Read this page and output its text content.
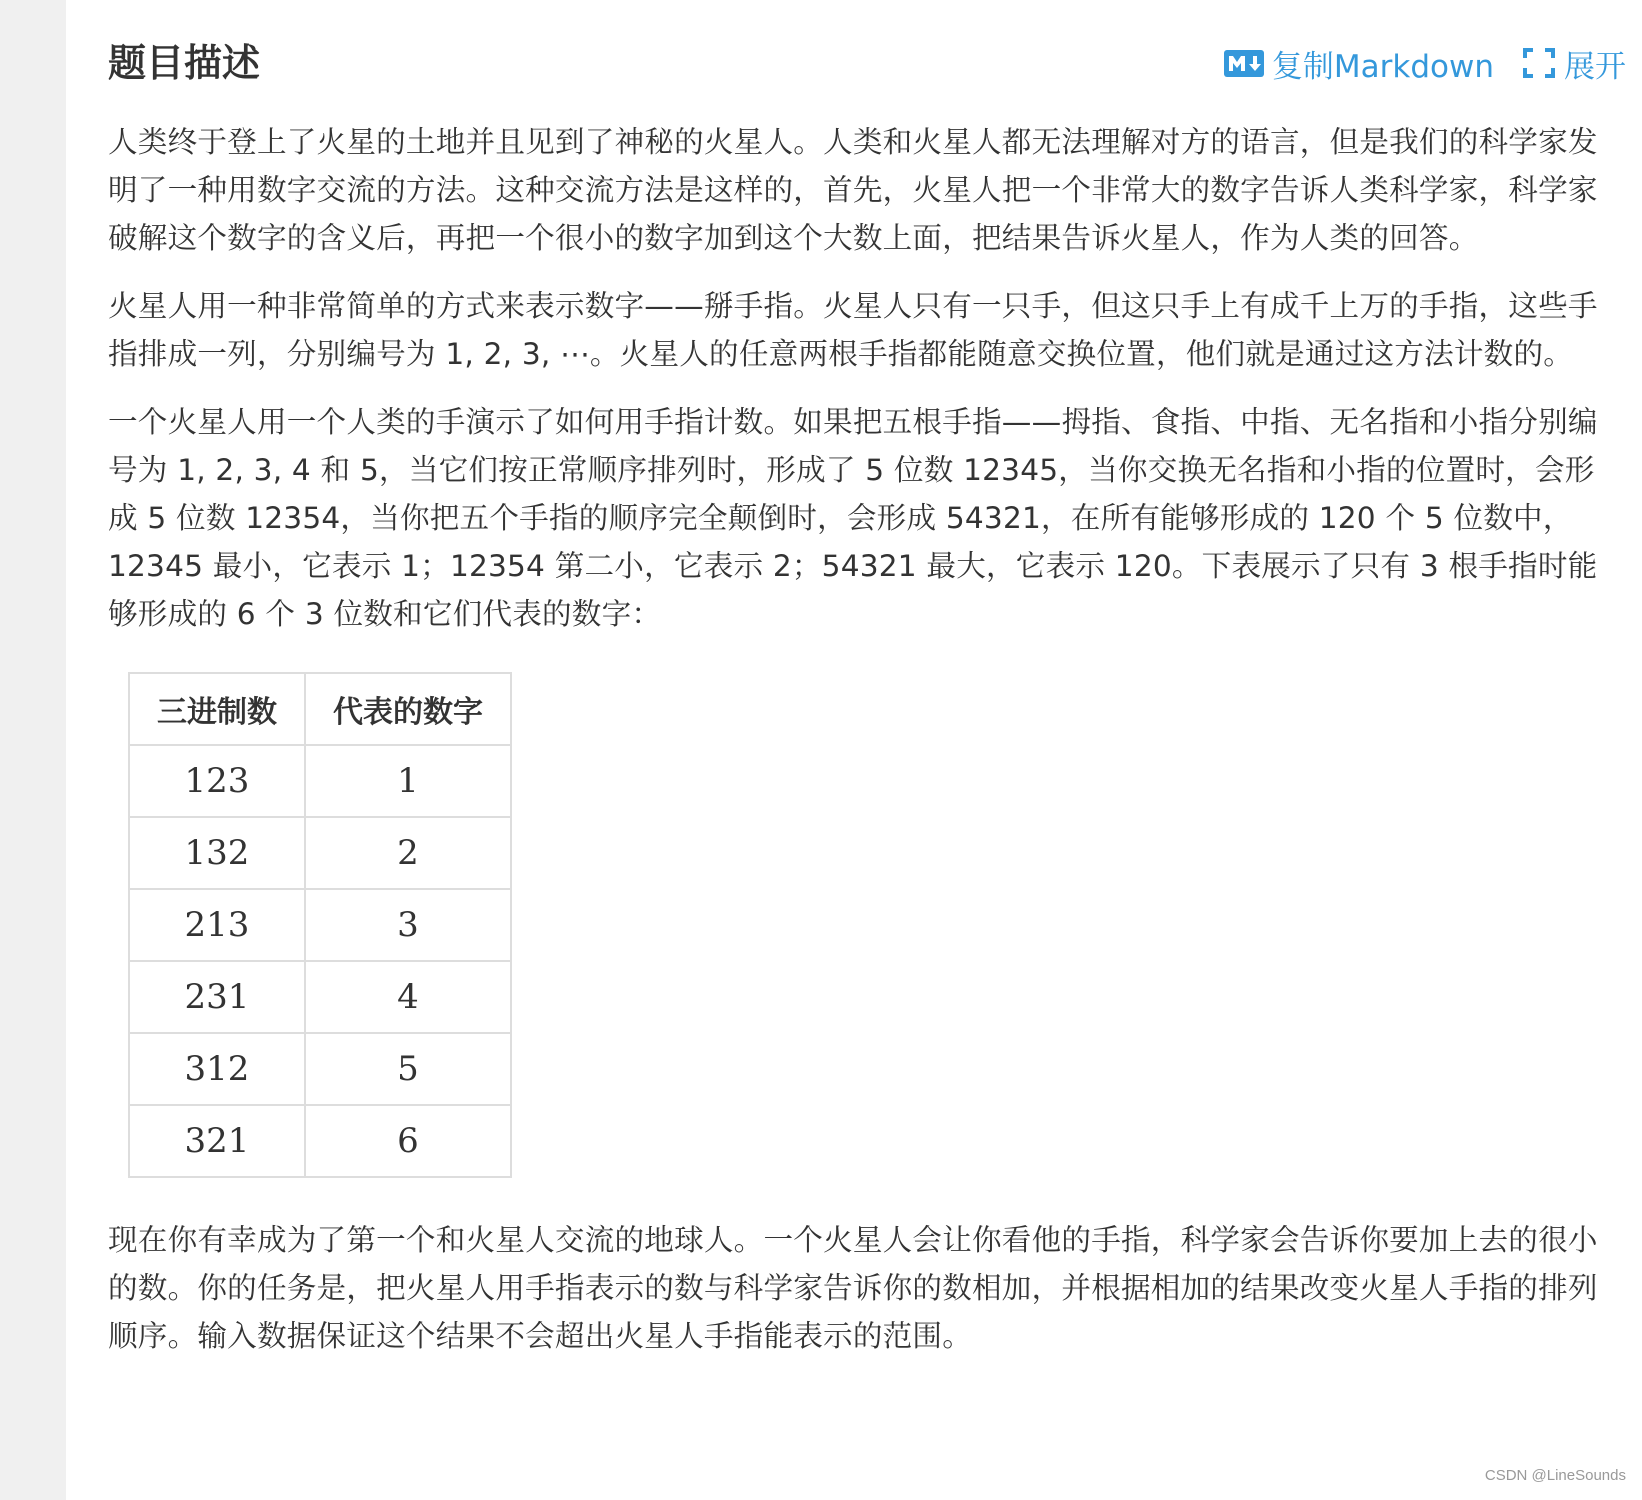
题目描述	复制Markdown 展开

人类终于登上了火星的土地并且见到了神秘的火星人。人类和火星人都无法理解对方的语言，但是我们的科学家发明了一种用数字交流的方法。这种交流方法是这样的，首先，火星人把一个非常大的数字告诉人类科学家，科学家破解这个数字的含义后，再把一个很小的数字加到这个大数上面，把结果告诉火星人，作为人类的回答。

火星人用一种非常简单的方式来表示数字——掰手指。火星人只有一只手，但这只手上有成千上万的手指，这些手指排成一列，分别编号为 1, 2, 3, ⋯。火星人的任意两根手指都能随意交换位置，他们就是通过这方法计数的。

一个火星人用一个人类的手演示了如何用手指计数。如果把五根手指——拇指、食指、中指、无名指和小指分别编号为 1, 2, 3, 4 和 5，当它们按正常顺序排列时，形成了 5 位数 12345，当你交换无名指和小指的位置时，会形成 5 位数 12354，当你把五个手指的顺序完全颠倒时，会形成 54321，在所有能够形成的 120 个 5 位数中，12345 最小，它表示 1；12354 第二小，它表示 2；54321 最大，它表示 120。下表展示了只有 3 根手指时能够形成的 6 个 3 位数和它们代表的数字：

三进制数	代表的数字
123	1
132	2
213	3
231	4
312	5
321	6

现在你有幸成为了第一个和火星人交流的地球人。一个火星人会让你看他的手指，科学家会告诉你要加上去的很小的数。你的任务是，把火星人用手指表示的数与科学家告诉你的数相加，并根据相加的结果改变火星人手指的排列顺序。输入数据保证这个结果不会超出火星人手指能表示的范围。

CSDN @LineSounds
